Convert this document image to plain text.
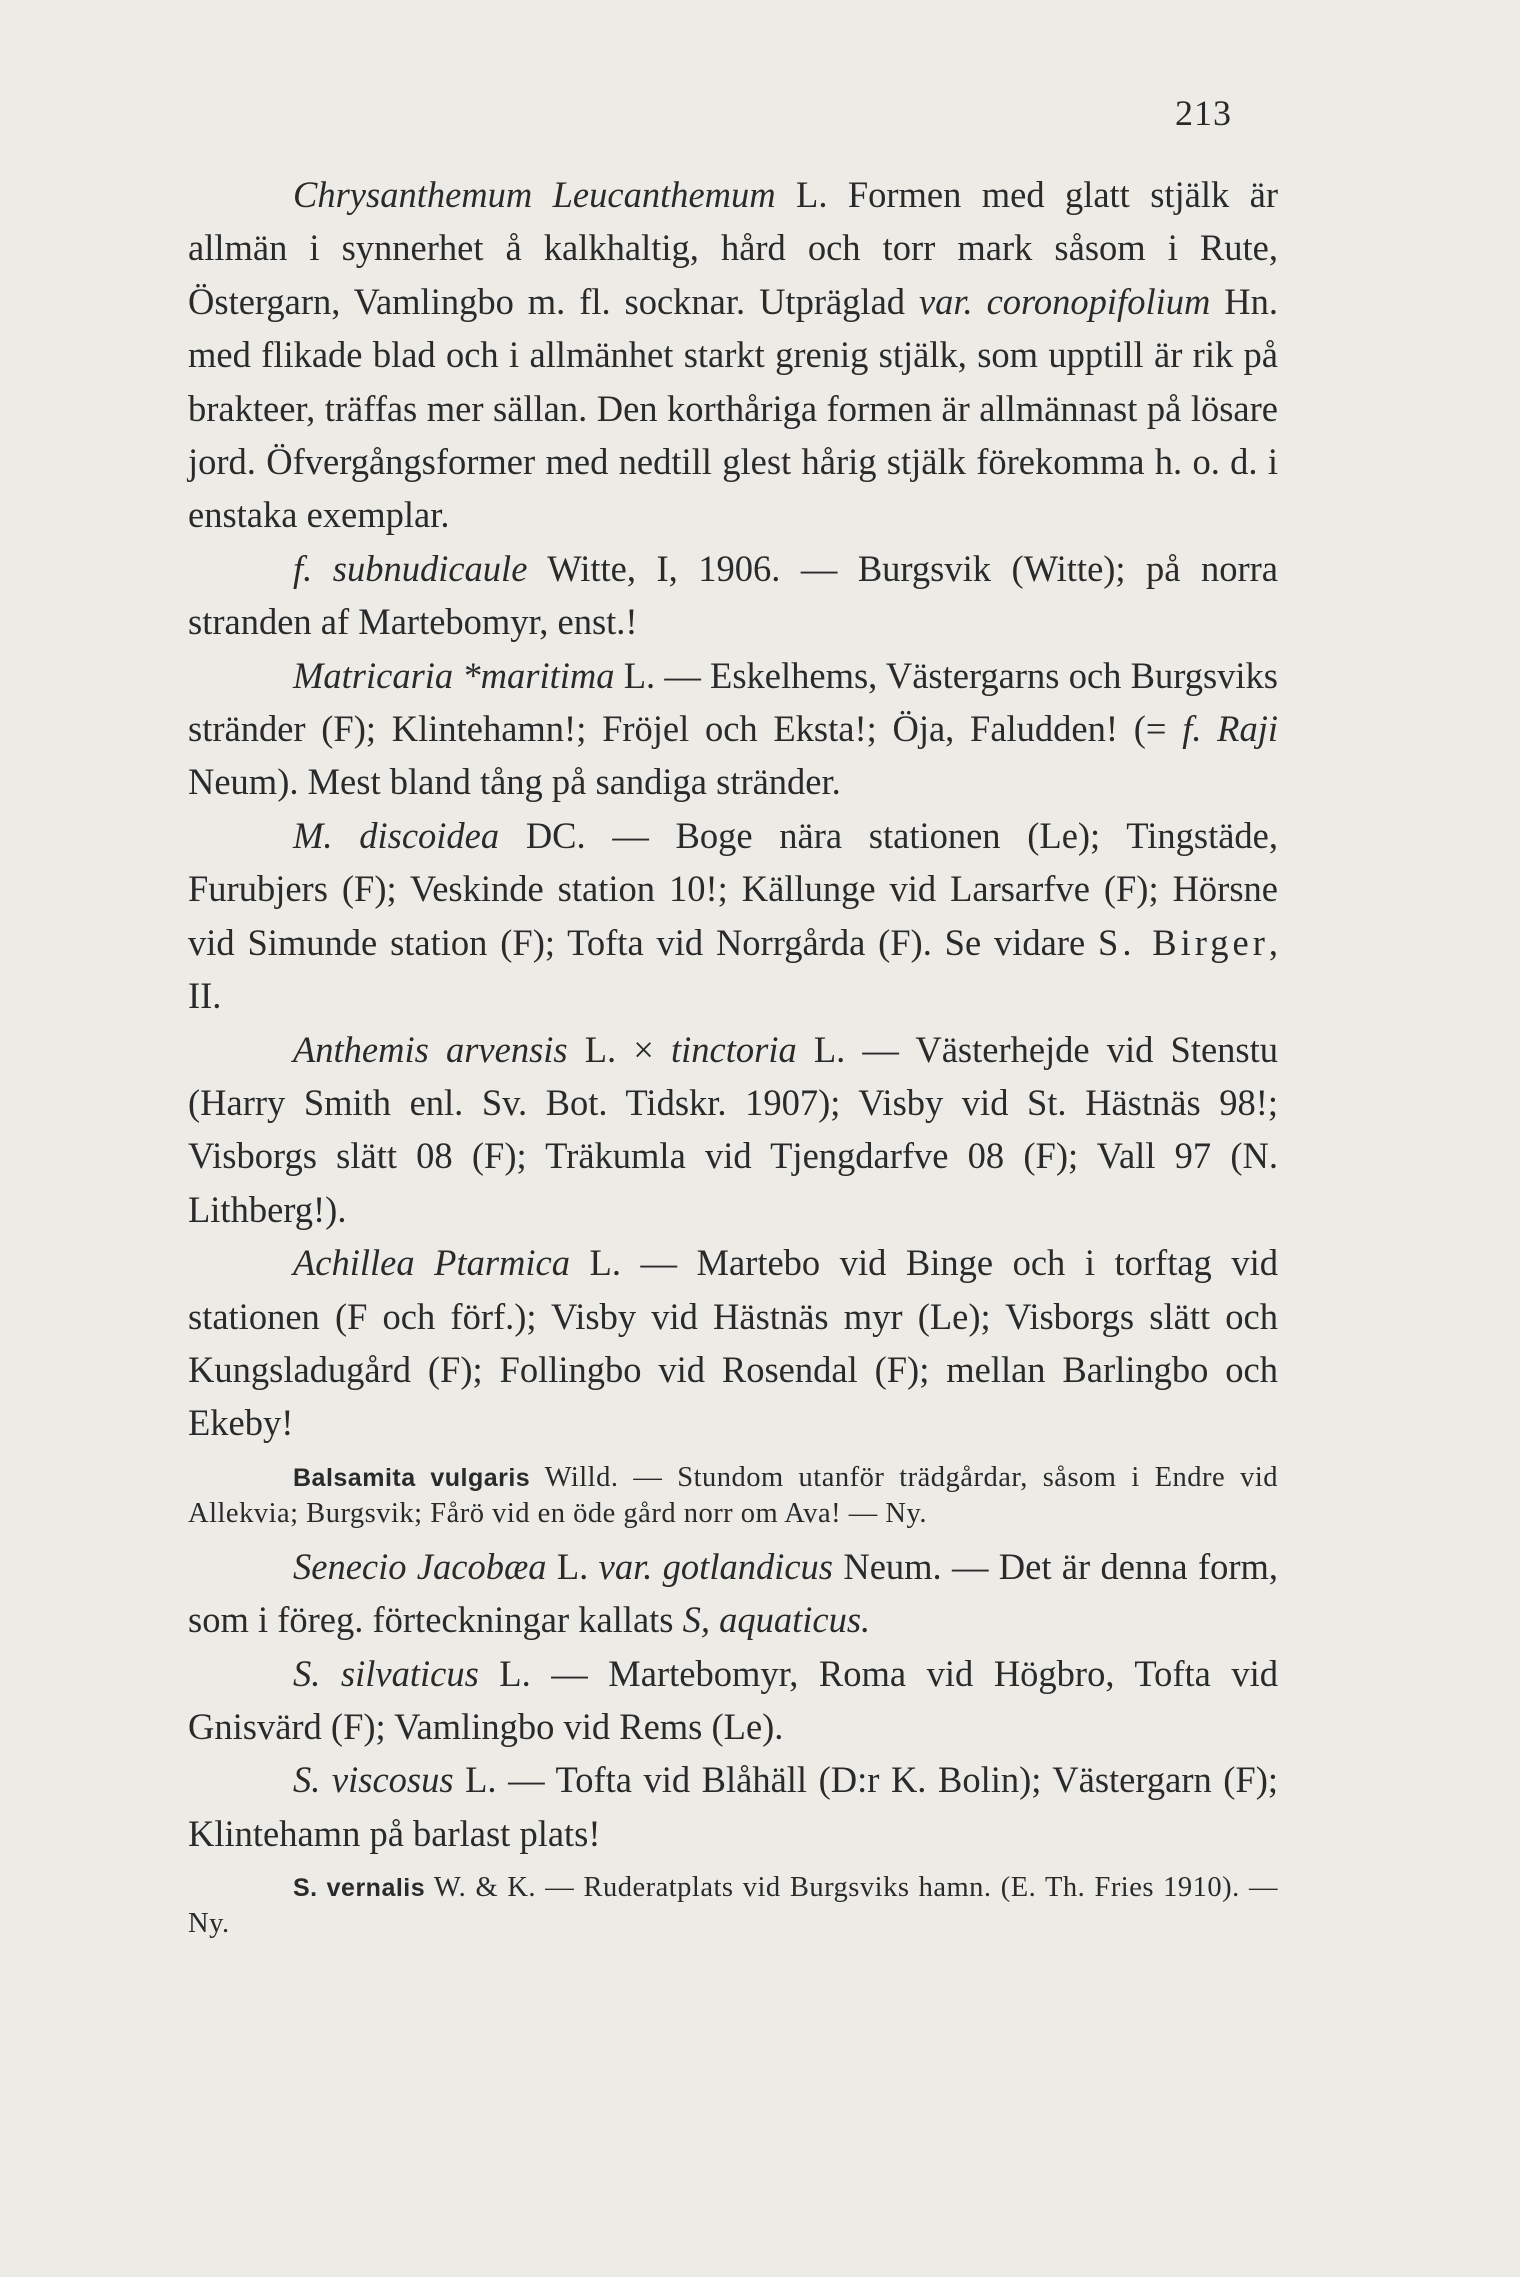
213

Chrysanthemum Leucanthemum L. Formen med glatt stjälk är allmän i synnerhet å kalkhaltig, hård och torr mark såsom i Rute, Östergarn, Vamlingbo m. fl. socknar. Utpräglad var. coronopifolium Hn. med flikade blad och i allmänhet starkt grenig stjälk, som upptill är rik på brakteer, träffas mer sällan. Den korthåriga formen är allmännast på lösare jord. Öfvergångsformer med nedtill glest hårig stjälk förekomma h. o. d. i enstaka exemplar.

f. subnudicaule Witte, I, 1906. — Burgsvik (Witte); på norra stranden af Martebomyr, enst.!

Matricaria *maritima L. — Eskelhems, Västergarns och Burgsviks stränder (F); Klintehamn!; Fröjel och Eksta!; Öja, Faludden! (= f. Raji Neum). Mest bland tång på sandiga stränder.

M. discoidea DC. — Boge nära stationen (Le); Tingstäde, Furubjers (F); Veskinde station 10!; Källunge vid Larsarfve (F); Hörsne vid Simunde station (F); Tofta vid Norrgårda (F). Se vidare S. Birger, II.

Anthemis arvensis L. × tinctoria L. — Västerhejde vid Stenstu (Harry Smith enl. Sv. Bot. Tidskr. 1907); Visby vid St. Hästnäs 98!; Visborgs slätt 08 (F); Träkumla vid Tjengdarfve 08 (F); Vall 97 (N. Lithberg!).

Achillea Ptarmica L. — Martebo vid Binge och i torftag vid stationen (F och förf.); Visby vid Hästnäs myr (Le); Visborgs slätt och Kungsladugård (F); Follingbo vid Rosendal (F); mellan Barlingbo och Ekeby!

Balsamita vulgaris Willd. — Stundom utanför trädgårdar, såsom i Endre vid Allekvia; Burgsvik; Fårö vid en öde gård norr om Ava! — Ny.

Senecio Jacobæa L. var. gotlandicus Neum. — Det är denna form, som i föreg. förteckningar kallats S, aquaticus.

S. silvaticus L. — Martebomyr, Roma vid Högbro, Tofta vid Gnisvärd (F); Vamlingbo vid Rems (Le).

S. viscosus L. — Tofta vid Blåhäll (D:r K. Bolin); Västergarn (F); Klintehamn på barlast plats!

S. vernalis W. & K. — Ruderatplats vid Burgsviks hamn. (E. Th. Fries 1910). — Ny.
